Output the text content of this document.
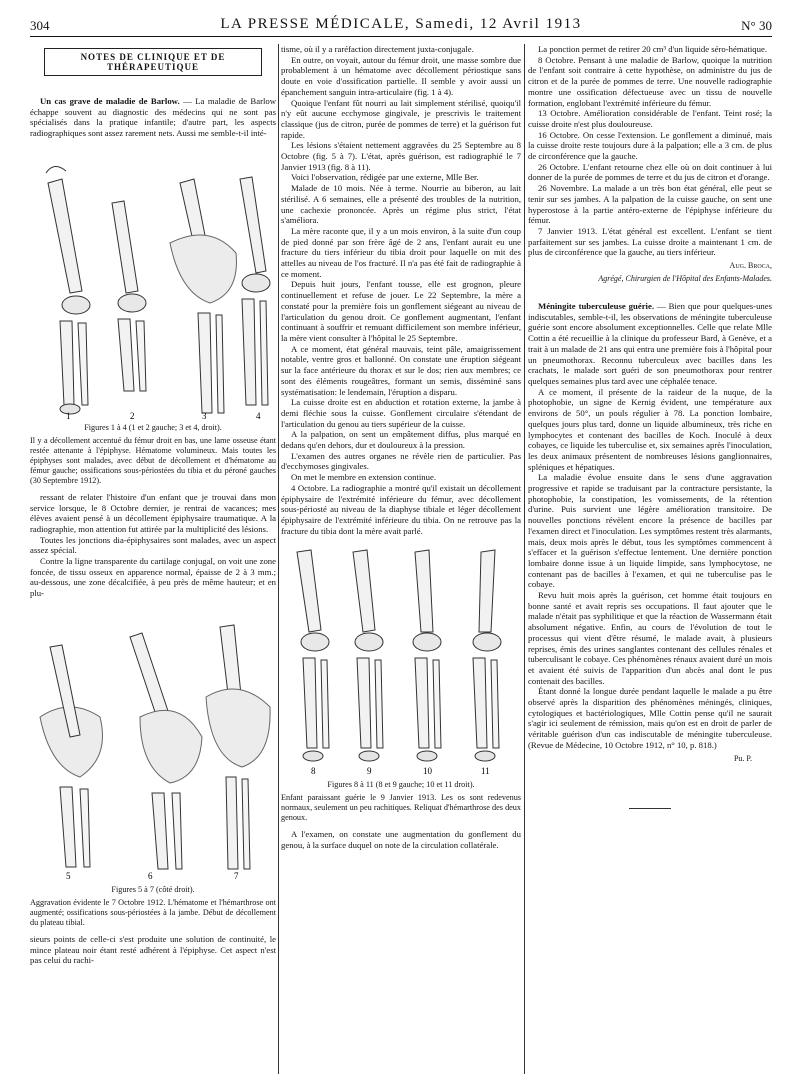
304	LA PRESSE MÉDICALE, Samedi, 12 Avril 1913	N° 30
NOTES DE CLINIQUE ET DE THÉRAPEUTIQUE

Un cas grave de maladie de Barlow. — La maladie de Barlow échappe souvent au diagnostic des médecins qui ne sont pas spécialisés dans la pratique infantile; d'autre part, les aspects radiographiques sont assez rarement nets. Aussi me semble-t-il inté-

1	2	3	4
Figures 1 à 4 (1 et 2 gauche; 3 et 4, droit).
Il y a décollement accentué du fémur droit en bas, une lame osseuse étant restée attenante à l'épiphyse. Hématome volumineux. Mais toutes les épiphyses sont malades, avec début de décollement et d'hématome au fémur gauche; ossifications sous-périostées du tibia et du péroné gauches (30 Septembre 1912).

ressant de relater l'histoire d'un enfant que je trouvai dans mon service lorsque, le 8 Octobre dernier, je rentrai de vacances; mes élèves avaient pensé à un décollement épiphysaire traumatique. A la radiographie, mon attention fut attirée par la multiplicité des lésions.

Toutes les jonctions dia-épiphysaires sont malades, avec un aspect assez spécial.

Contre la ligne transparente du cartilage conjugal, on voit une zone foncée, de tissu osseux en apparence normal, épaisse de 2 à 3 mm.; au-dessous, une zone décalcifiée, à peu près de même hauteur; et en plu-

5	6	7
Figures 5 à 7 (côté droit).
Aggravation évidente le 7 Octobre 1912. L'hématome et l'hémarthrose ont augmenté; ossifications sous-périostées à la jambe. Début de décollement du plateau tibial.

sieurs points de celle-ci s'est produite une solution de continuité, le mince plateau noir étant resté adhérent à l'épiphyse. Cet aspect n'est pas celui du rachi-

tisme, où il y a raréfaction directement juxta-conjugale.

En outre, on voyait, autour du fémur droit, une masse sombre due probablement à un hématome avec décollement périostique sans doute en voie d'ossification partielle. Il semble y avoir aussi un épanchement sanguin intra-articulaire (fig. 1 à 4).

Quoique l'enfant fût nourri au lait simplement stérilisé, quoiqu'il n'y eût aucune ecchymose gingivale, je prescrivis le traitement classique (jus de citron, purée de pommes de terre) et la guérison fut rapide.

Les lésions s'étaient nettement aggravées du 25 Septembre au 8 Octobre (fig. 5 à 7). L'état, après guérison, est radiographié le 7 Janvier 1913 (fig. 8 à 11).

Voici l'observation, rédigée par une externe, Mlle Ber.

Malade de 10 mois. Née à terme. Nourrie au biberon, au lait stérilisé. A 6 semaines, elle a présenté des troubles de la nutrition, une cachexie prononcée. Après un régime plus strict, l'état s'améliora.

La mère raconte que, il y a un mois environ, à la suite d'un coup de pied donné par son frère âgé de 2 ans, l'enfant aurait eu une fracture du tiers inférieur du tibia droit pour laquelle on mit des attelles au niveau de l'os fracturé. Il n'a pas été fait de radiographie à ce moment.

Depuis huit jours, l'enfant tousse, elle est grognon, pleure continuellement et refuse de jouer. Le 22 Septembre, la mère a constaté pour la première fois un gonflement siégeant au niveau de l'articulation du genou droit. Ce gonflement augmentant, l'enfant continuant à souffrir et remuant difficilement son membre inférieur, la mère vient consulter à l'hôpital le 25 Septembre.

A ce moment, état général mauvais, teint pâle, amaigrissement notable, ventre gros et ballonné. On constate une éruption siégeant sur la face antérieure du thorax et sur le dos; rien aux membres; ce sont des éléments rougeâtres, formant un semis, disséminé sans systématisation: le lendemain, l'éruption a disparu.

La cuisse droite est en abduction et rotation externe, la jambe à demi fléchie sous la cuisse. Gonflement circulaire s'étendant de l'articulation du genou au tiers supérieur de la cuisse.

A la palpation, on sent un empâtement diffus, plus marqué en dedans qu'en dehors, dur et douloureux à la pression.

L'examen des autres organes ne révèle rien de particulier. Pas d'ecchymoses gingivales.

On met le membre en extension continue.

4 Octobre. La radiographie a montré qu'il existait un décollement épiphysaire de l'extrémité inférieure du fémur, avec décollement sous-périosté au niveau de la diaphyse tibiale et léger décollement épiphysaire de l'extrémité inférieure du tibia. On ne retrouve pas la fracture du tibia dont la mère avait parlé.

8	9	10	11
Figures 8 à 11 (8 et 9 gauche; 10 et 11 droit).
Enfant paraissant guérie le 9 Janvier 1913. Les os sont redevenus normaux, seulement un peu rachitiques. Reliquat d'hémarthrose des deux genoux.

A l'examen, on constate une augmentation du gonflement du genou, à la surface duquel on note de la circulation collatérale.

La ponction permet de retirer 20 cm³ d'un liquide séro-hématique.

8 Octobre. Pensant à une maladie de Barlow, quoique la nutrition de l'enfant soit contraire à cette hypothèse, on administre du jus de citron et de la purée de pommes de terre. Une nouvelle radiographie montre une ossification défectueuse avec un tissu de nouvelle formation, englobant l'extrémité inférieure du fémur.

13 Octobre. Amélioration considérable de l'enfant. Teint rosé; la cuisse droite n'est plus douloureuse.

16 Octobre. On cesse l'extension. Le gonflement a diminué, mais la cuisse droite reste toujours dure à la palpation; elle a 3 cm. de plus de circonférence que la gauche.

26 Octobre. L'enfant retourne chez elle où on doit continuer à lui donner de la purée de pommes de terre et du jus de citron et d'orange.

26 Novembre. La malade a un très bon état général, elle peut se tenir sur ses jambes. A la palpation de la cuisse gauche, on sent une hyperostose à la partie antéro-externe de l'épiphyse inférieure du fémur.

7 Janvier 1913. L'état général est excellent. L'enfant se tient parfaitement sur ses jambes. La cuisse droite a maintenant 1 cm. de plus de circonférence que la gauche, au tiers inférieur.

Aug. Broca,
Agrégé, Chirurgien de l'Hôpital des Enfants-Malades.

Méningite tuberculeuse guérie. — Bien que pour quelques-unes indiscutables, semble-t-il, les observations de méningite tuberculeuse guérie sont encore absolument exceptionnelles. Celle que relate Mlle Cottin a été recueillie à la clinique du professeur Bard, à Genève, et a trait à un malade de 21 ans qui entra une première fois à l'hôpital pour un pneumothorax. Reconnu tuberculeux avec bacilles dans les crachats, le malade sort guéri de son pneumothorax pour rentrer quelques semaines plus tard avec une céphalée tenace.

A ce moment, il présente de la raideur de la nuque, de la photophobie, un signe de Kernig évident, une température aux environs de 50°, un pouls régulier à 78. La ponction lombaire, quelques jours plus tard, donne un liquide albumineux, très riche en lymphocytes et contenant des bacilles de Koch. Inoculé à deux cobayes, ce liquide les tuberculise et, six semaines après l'inoculation, les deux animaux présentent de nombreuses lésions ganglionnaires, spléniques et hépatiques.

La maladie évolue ensuite dans le sens d'une aggravation progressive et rapide se traduisant par la contracture persistante, la photophobie, la constipation, les vomissements, de la rétention d'urine. Puis survient une légère amélioration transitoire. De nouvelles ponctions révèlent encore la présence de bacilles par l'examen direct et l'inoculation. Les symptômes restent très alarmants, mais, deux mois après le début, tous les symptômes commencent à s'effacer et la guérison s'effectue lentement. Une dernière ponction lombaire donne issue à un liquide limpide, sans lymphocytose, ne contenant pas de bacilles à l'examen, et qui ne tuberculise pas le cobaye.

Revu huit mois après la guérison, cet homme était toujours en bonne santé et avait repris ses occupations. Il faut ajouter que le malade n'était pas syphilitique et que la réaction de Wassermann était absolument négative. Enfin, au cours de l'évolution de tout le processus qui vient d'être résumé, le malade avait, à plusieurs reprises, émis des urines sanglantes contenant des cellules rénales et tuberculisant le cobaye. Ces phénomènes rénaux avaient duré un mois et avaient été suivis de l'apparition d'un abcès anal dont le pus contenait des bacilles.

Étant donné la longue durée pendant laquelle le malade a pu être observé après la disparition des phénomènes méningés, cliniques, cytologiques et bactériologiques, Mlle Cottin pense qu'il ne saurait s'agir ici seulement de rémission, mais qu'on est en droit de parler de véritable guérison d'un cas indiscutable de méningite tuberculeuse. (Revue de Médecine, 10 Octobre 1912, n° 10, p. 818.)

Pu. P.
